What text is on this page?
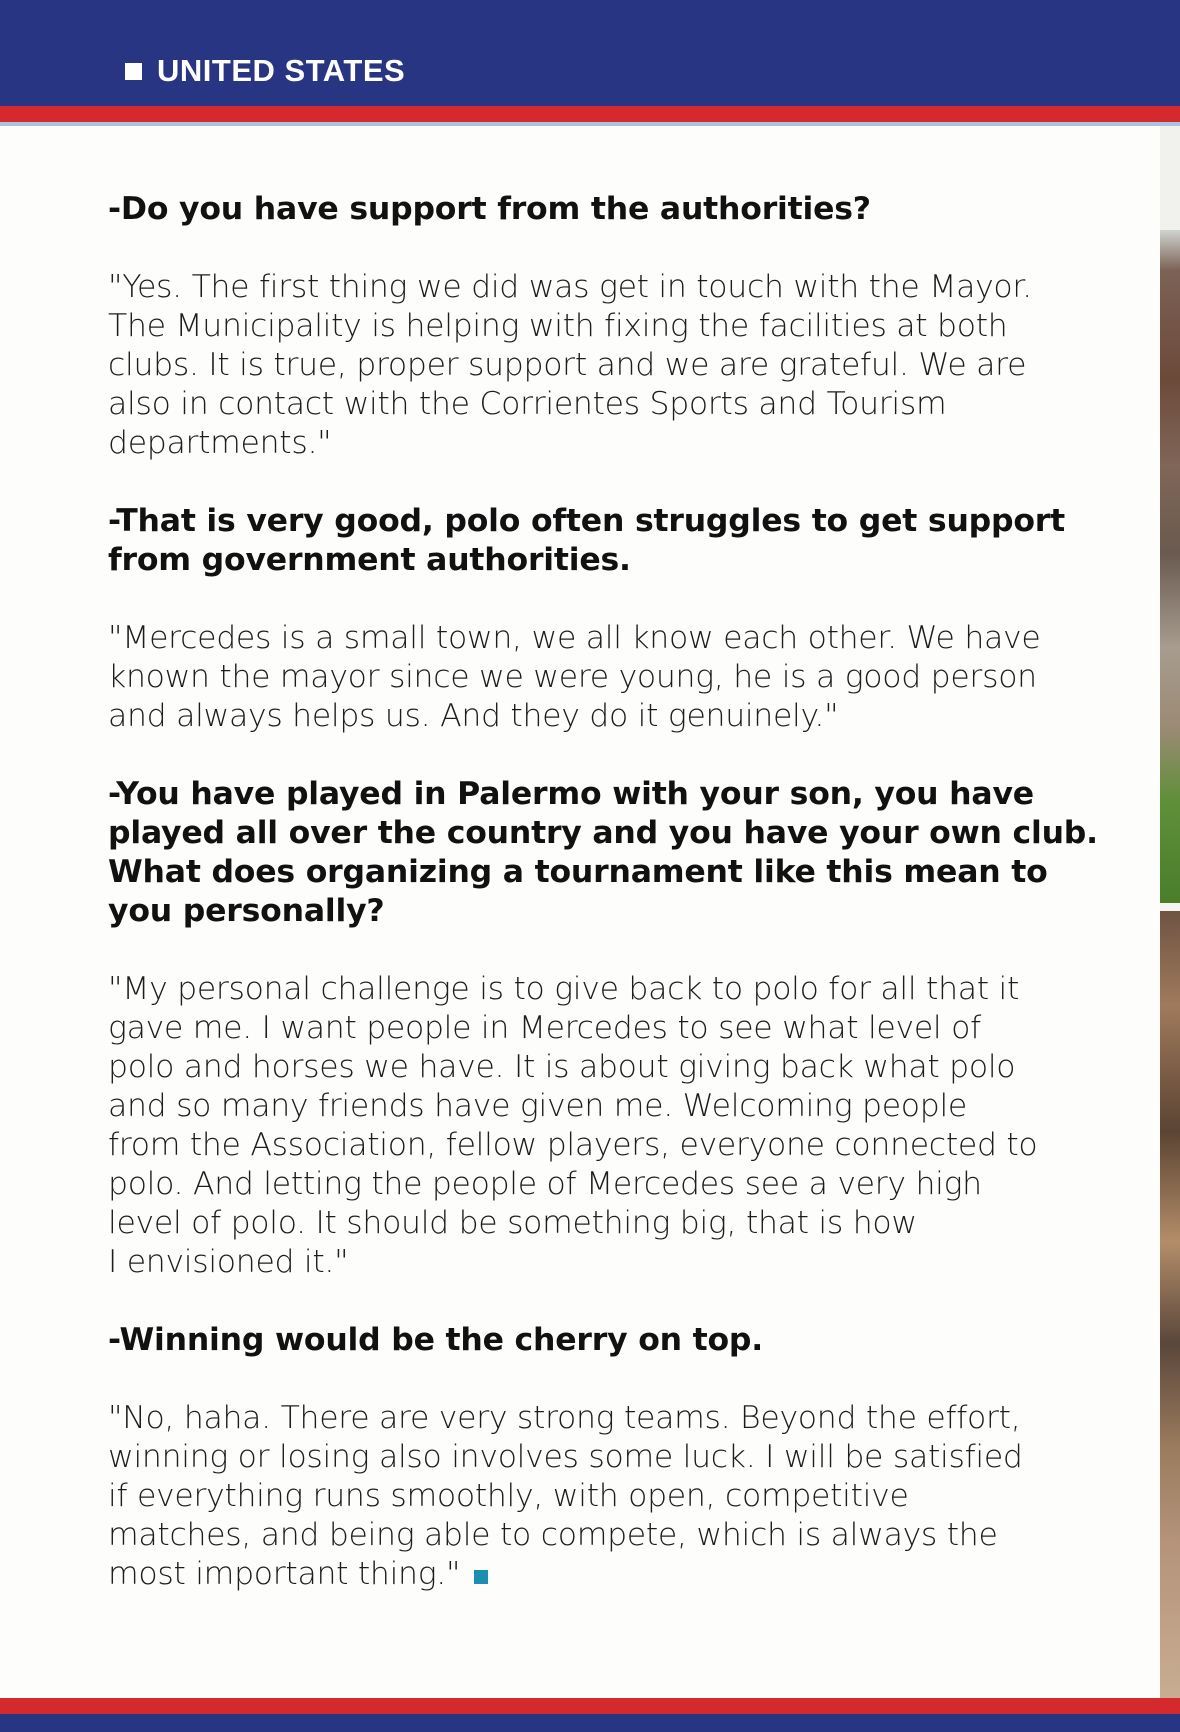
UNITED STATES

-Do you have support from the authorities?

"Yes. The first thing we did was get in touch with the Mayor.
The Municipality is helping with fixing the facilities at both
clubs. It is true, proper support and we are grateful. We are
also in contact with the Corrientes Sports and Tourism
departments."

-That is very good, polo often struggles to get support
from government authorities.

"Mercedes is a small town, we all know each other. We have
known the mayor since we were young, he is a good person
and always helps us. And they do it genuinely."

-You have played in Palermo with your son, you have
played all over the country and you have your own club.
What does organizing a tournament like this mean to
you personally?

"My personal challenge is to give back to polo for all that it
gave me. I want people in Mercedes to see what level of
polo and horses we have. It is about giving back what polo
and so many friends have given me. Welcoming people
from the Association, fellow players, everyone connected to
polo. And letting the people of Mercedes see a very high
level of polo. It should be something big, that is how
I envisioned it."

-Winning would be the cherry on top.

"No, haha. There are very strong teams. Beyond the effort,
winning or losing also involves some luck. I will be satisfied
if everything runs smoothly, with open, competitive
matches, and being able to compete, which is always the
most important thing."
